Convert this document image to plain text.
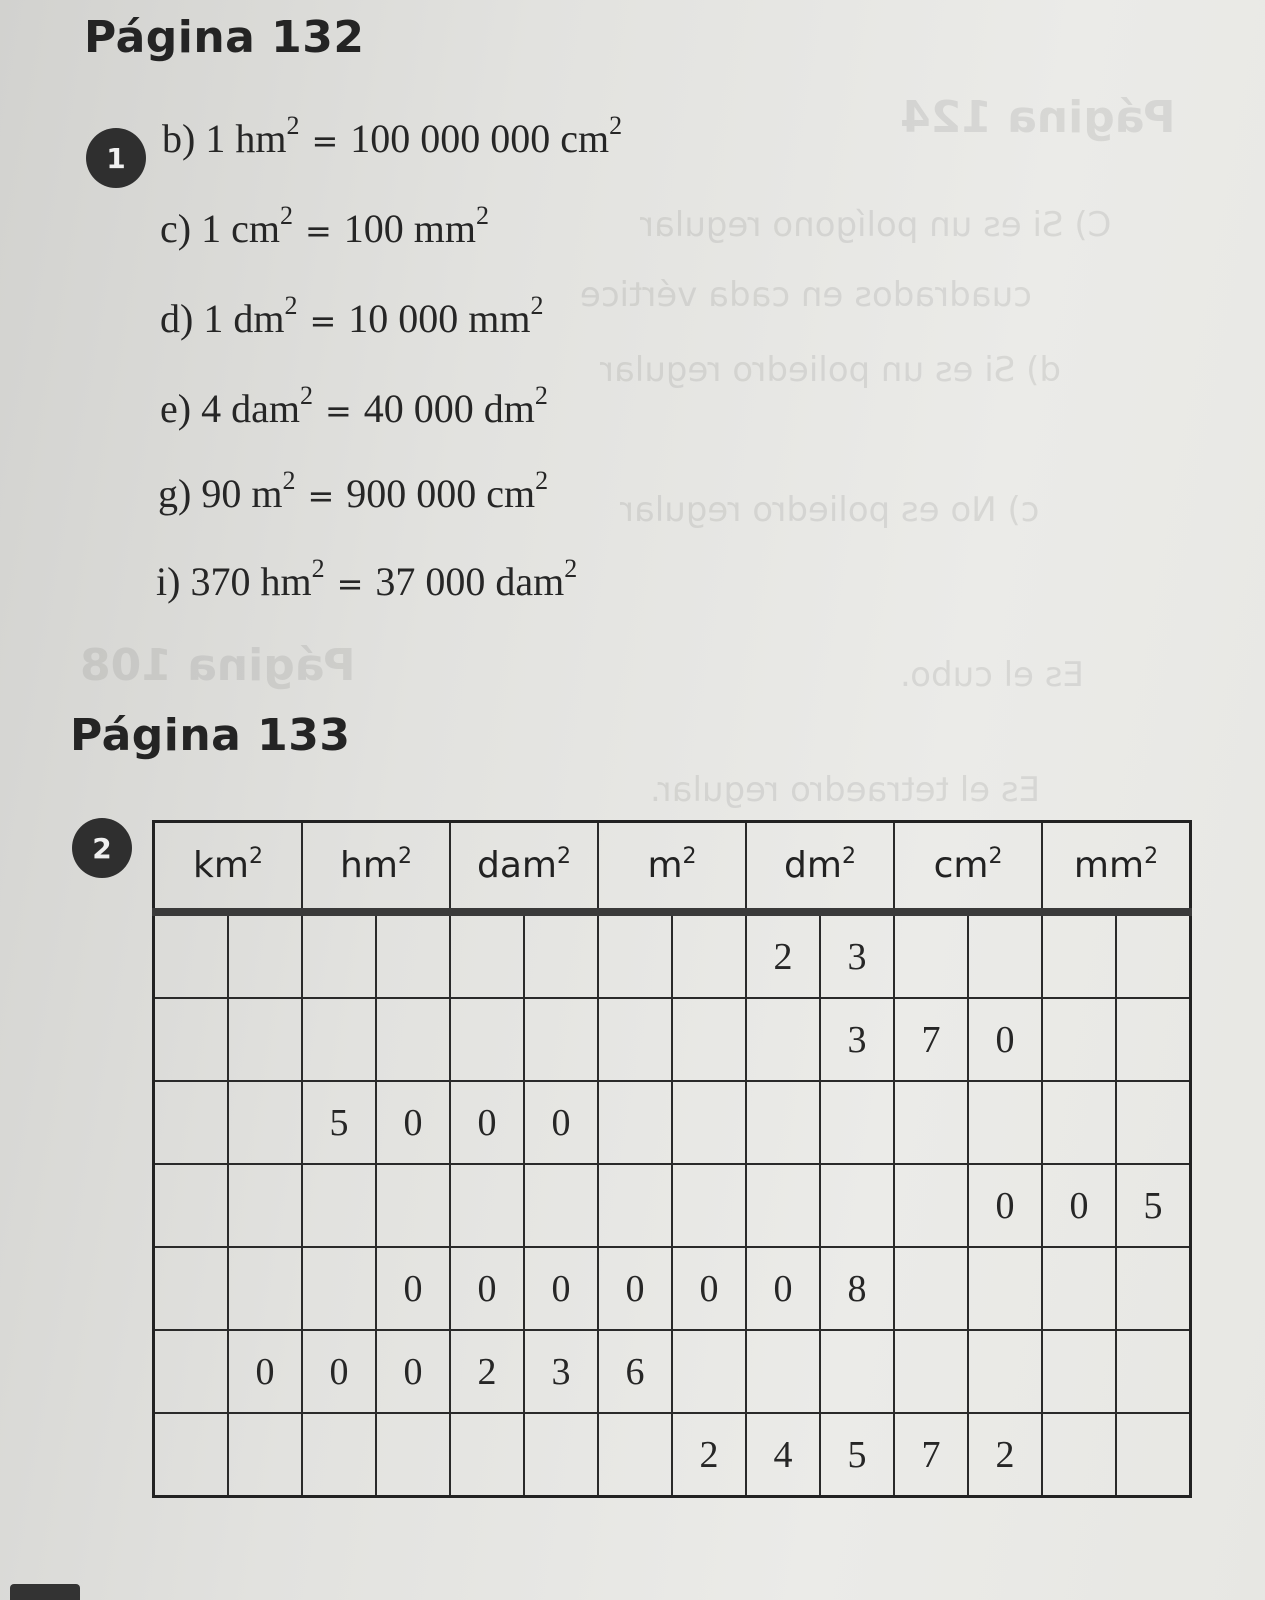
Página 124
C) Si es un polígono regular
cuadrados en cada vértice
d) Si es un poliedro regular
c) No es poliedro regular
Página 108	Es el cubo.
Es el tetraedro regular.
Página 132
1 b) 1 $hm^2 = 100$ 000 000 $cm^2$
c) 1 $cm^2 = 100$ $mm^2$
d) 1 $dm^2 = 10$ 000 $mm^2$
e) 4 dam$^2$ = 40 000 $dm^2$
g) 90 $m^2 = 900$ 000 $cm^2$
i) 370 $hm^2 = 37$ 000 dam$^2$
Página 133
2	$km^2$		$hm^2$		dam$^2$		$m^2$		$dm^2$		$cm^2$		$mm^2$
								2	3				
									3	7	0		
		5	0	0	0								
											0	0	5
			0	0	0	0	0	0	8				
	0	0	0	2	3	6							
							2	4	5	7	2		
